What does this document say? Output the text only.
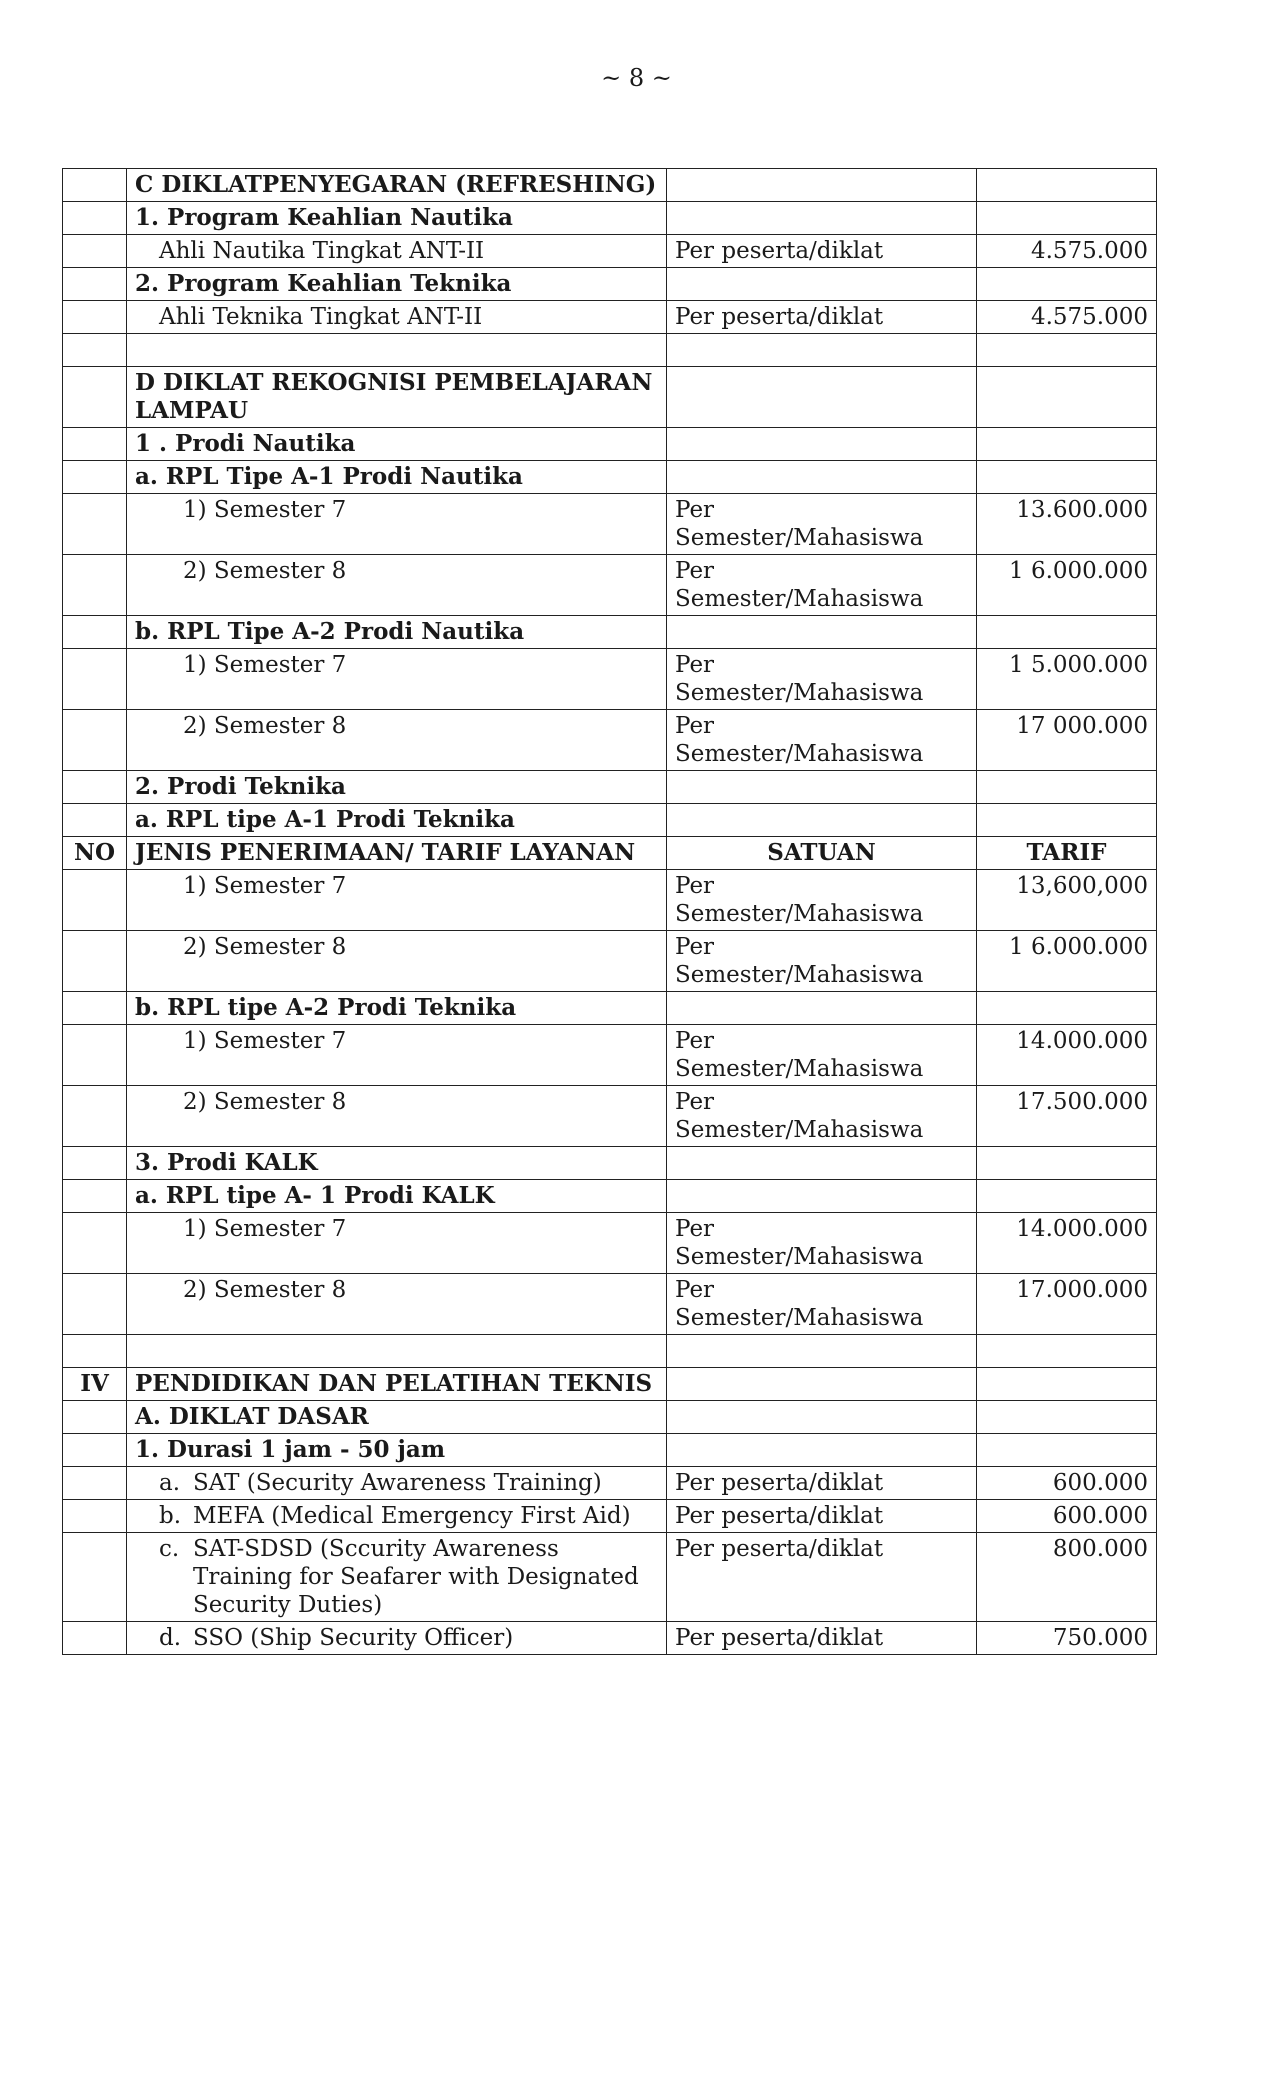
~ 8 ~
	C DIKLATPENYEGARAN (REFRESHING)		
	1. Program Keahlian Nautika		
	Ahli Nautika Tingkat ANT-II	Per peserta/diklat	4.575.000
	2. Program Keahlian Teknika		
	Ahli Teknika Tingkat ANT-II	Per peserta/diklat	4.575.000

	D DIKLAT REKOGNISI PEMBELAJARAN LAMPAU		
	1 . Prodi Nautika		
	a. RPL Tipe A-1 Prodi Nautika		
	1) Semester 7	Per Semester/Mahasiswa	13.600.000
	2) Semester 8	Per Semester/Mahasiswa	1 6.000.000
	b. RPL Tipe A-2 Prodi Nautika		
	1) Semester 7	Per Semester/Mahasiswa	1 5.000.000
	2) Semester 8	Per Semester/Mahasiswa	17 000.000
	2. Prodi Teknika		
	a. RPL tipe A-1 Prodi Teknika		
NO	JENIS PENERIMAAN/ TARIF LAYANAN	SATUAN	TARIF
	1) Semester 7	Per Semester/Mahasiswa	13,600,000
	2) Semester 8	Per Semester/Mahasiswa	1 6.000.000
	b. RPL tipe A-2 Prodi Teknika		
	1) Semester 7	Per Semester/Mahasiswa	14.000.000
	2) Semester 8	Per Semester/Mahasiswa	17.500.000
	3. Prodi KALK		
	a. RPL tipe A- 1 Prodi KALK		
	1) Semester 7	Per Semester/Mahasiswa	14.000.000
	2) Semester 8	Per Semester/Mahasiswa	17.000.000

IV	PENDIDIKAN DAN PELATIHAN TEKNIS		
	A. DIKLAT DASAR		
	1. Durasi 1 jam - 50 jam		

	a. SAT (Security Awareness Training)	Per peserta/diklat	600.000

	b. MEFA (Medical Emergency First Aid)	Per peserta/diklat	600.000

	c. SAT-SDSD (Sccurity Awareness Training for Seafarer with Designated Security Duties)	Per peserta/diklat	800.000

	d. SSO (Ship Security Officer)	Per peserta/diklat	750.000
